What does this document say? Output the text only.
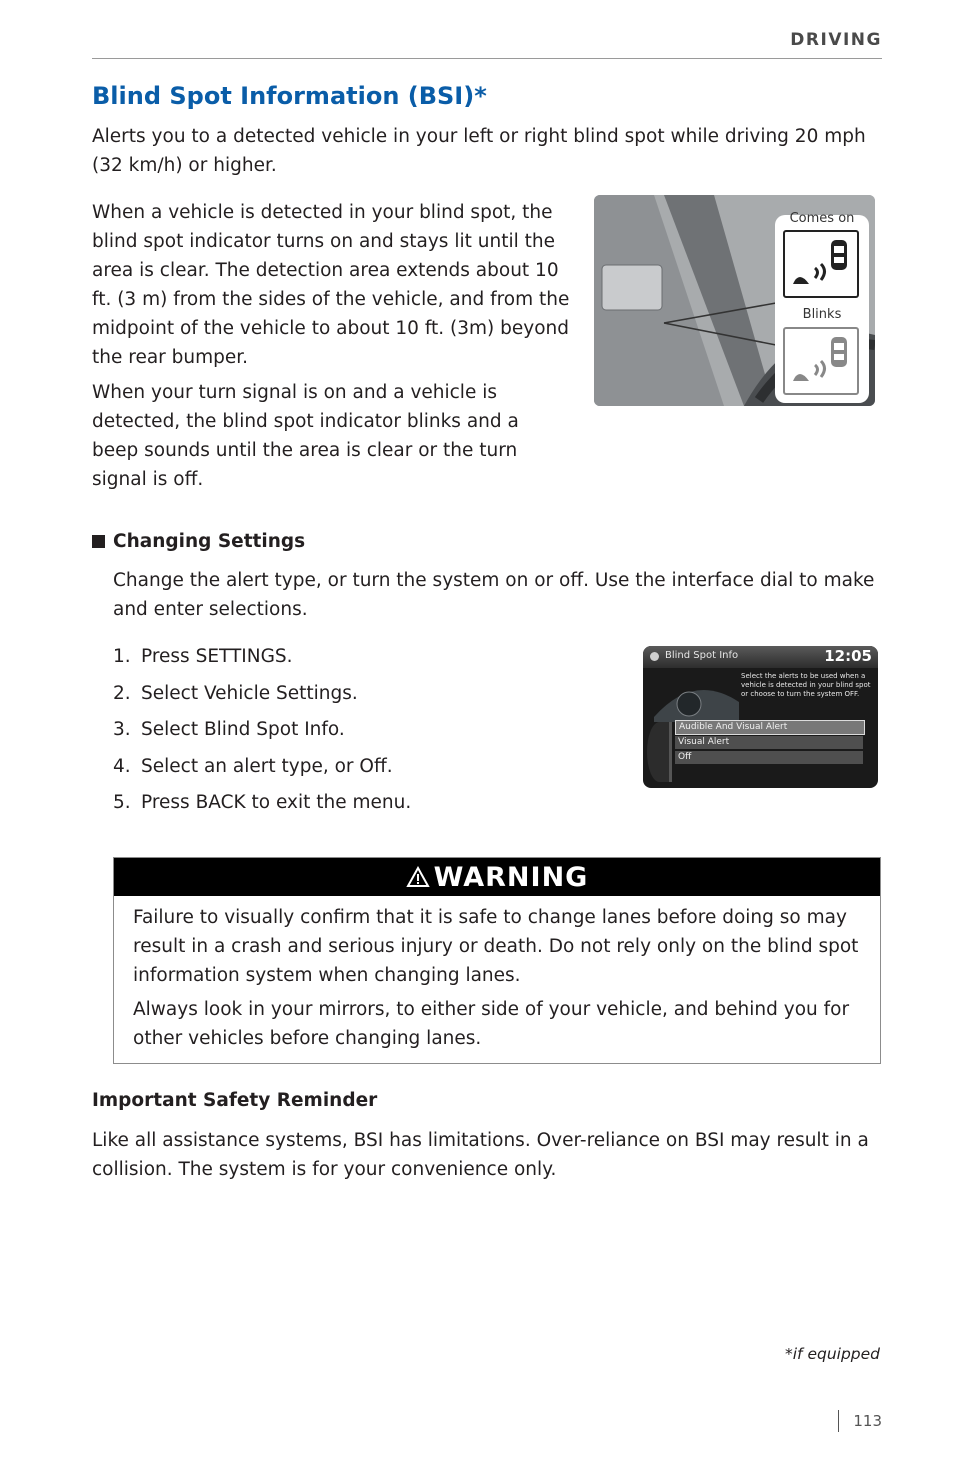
DRIVING
Blind Spot Information (BSI)*
Alerts you to a detected vehicle in your left or right blind spot while driving 20 mph (32 km/h) or higher.
When a vehicle is detected in your blind spot, the blind spot indicator turns on and stays lit until the area is clear. The detection area extends about 10 ft. (3 m) from the sides of the vehicle, and from the midpoint of the vehicle to about 10 ft. (3m) beyond the rear bumper.
When your turn signal is on and a vehicle is detected, the blind spot indicator blinks and a beep sounds until the area is clear or the turn signal is off.
Comes on
Blinks
Changing Settings
Change the alert type, or turn the system on or off. Use the interface dial to make and enter selections.
1. Press SETTINGS.
2. Select Vehicle Settings.
3. Select Blind Spot Info.
4. Select an alert type, or Off.
5. Press BACK to exit the menu.
Blind Spot Info	12:05
Select the alerts to be used when a vehicle is detected in your blind spot or choose to turn the system OFF.
Audible And Visual Alert
Visual Alert
Off
WARNING
Failure to visually confirm that it is safe to change lanes before doing so may result in a crash and serious injury or death. Do not rely only on the blind spot information system when changing lanes.
Always look in your mirrors, to either side of your vehicle, and behind you for other vehicles before changing lanes.
Important Safety Reminder
Like all assistance systems, BSI has limitations. Over-reliance on BSI may result in a collision. The system is for your convenience only.
*if equipped
113
